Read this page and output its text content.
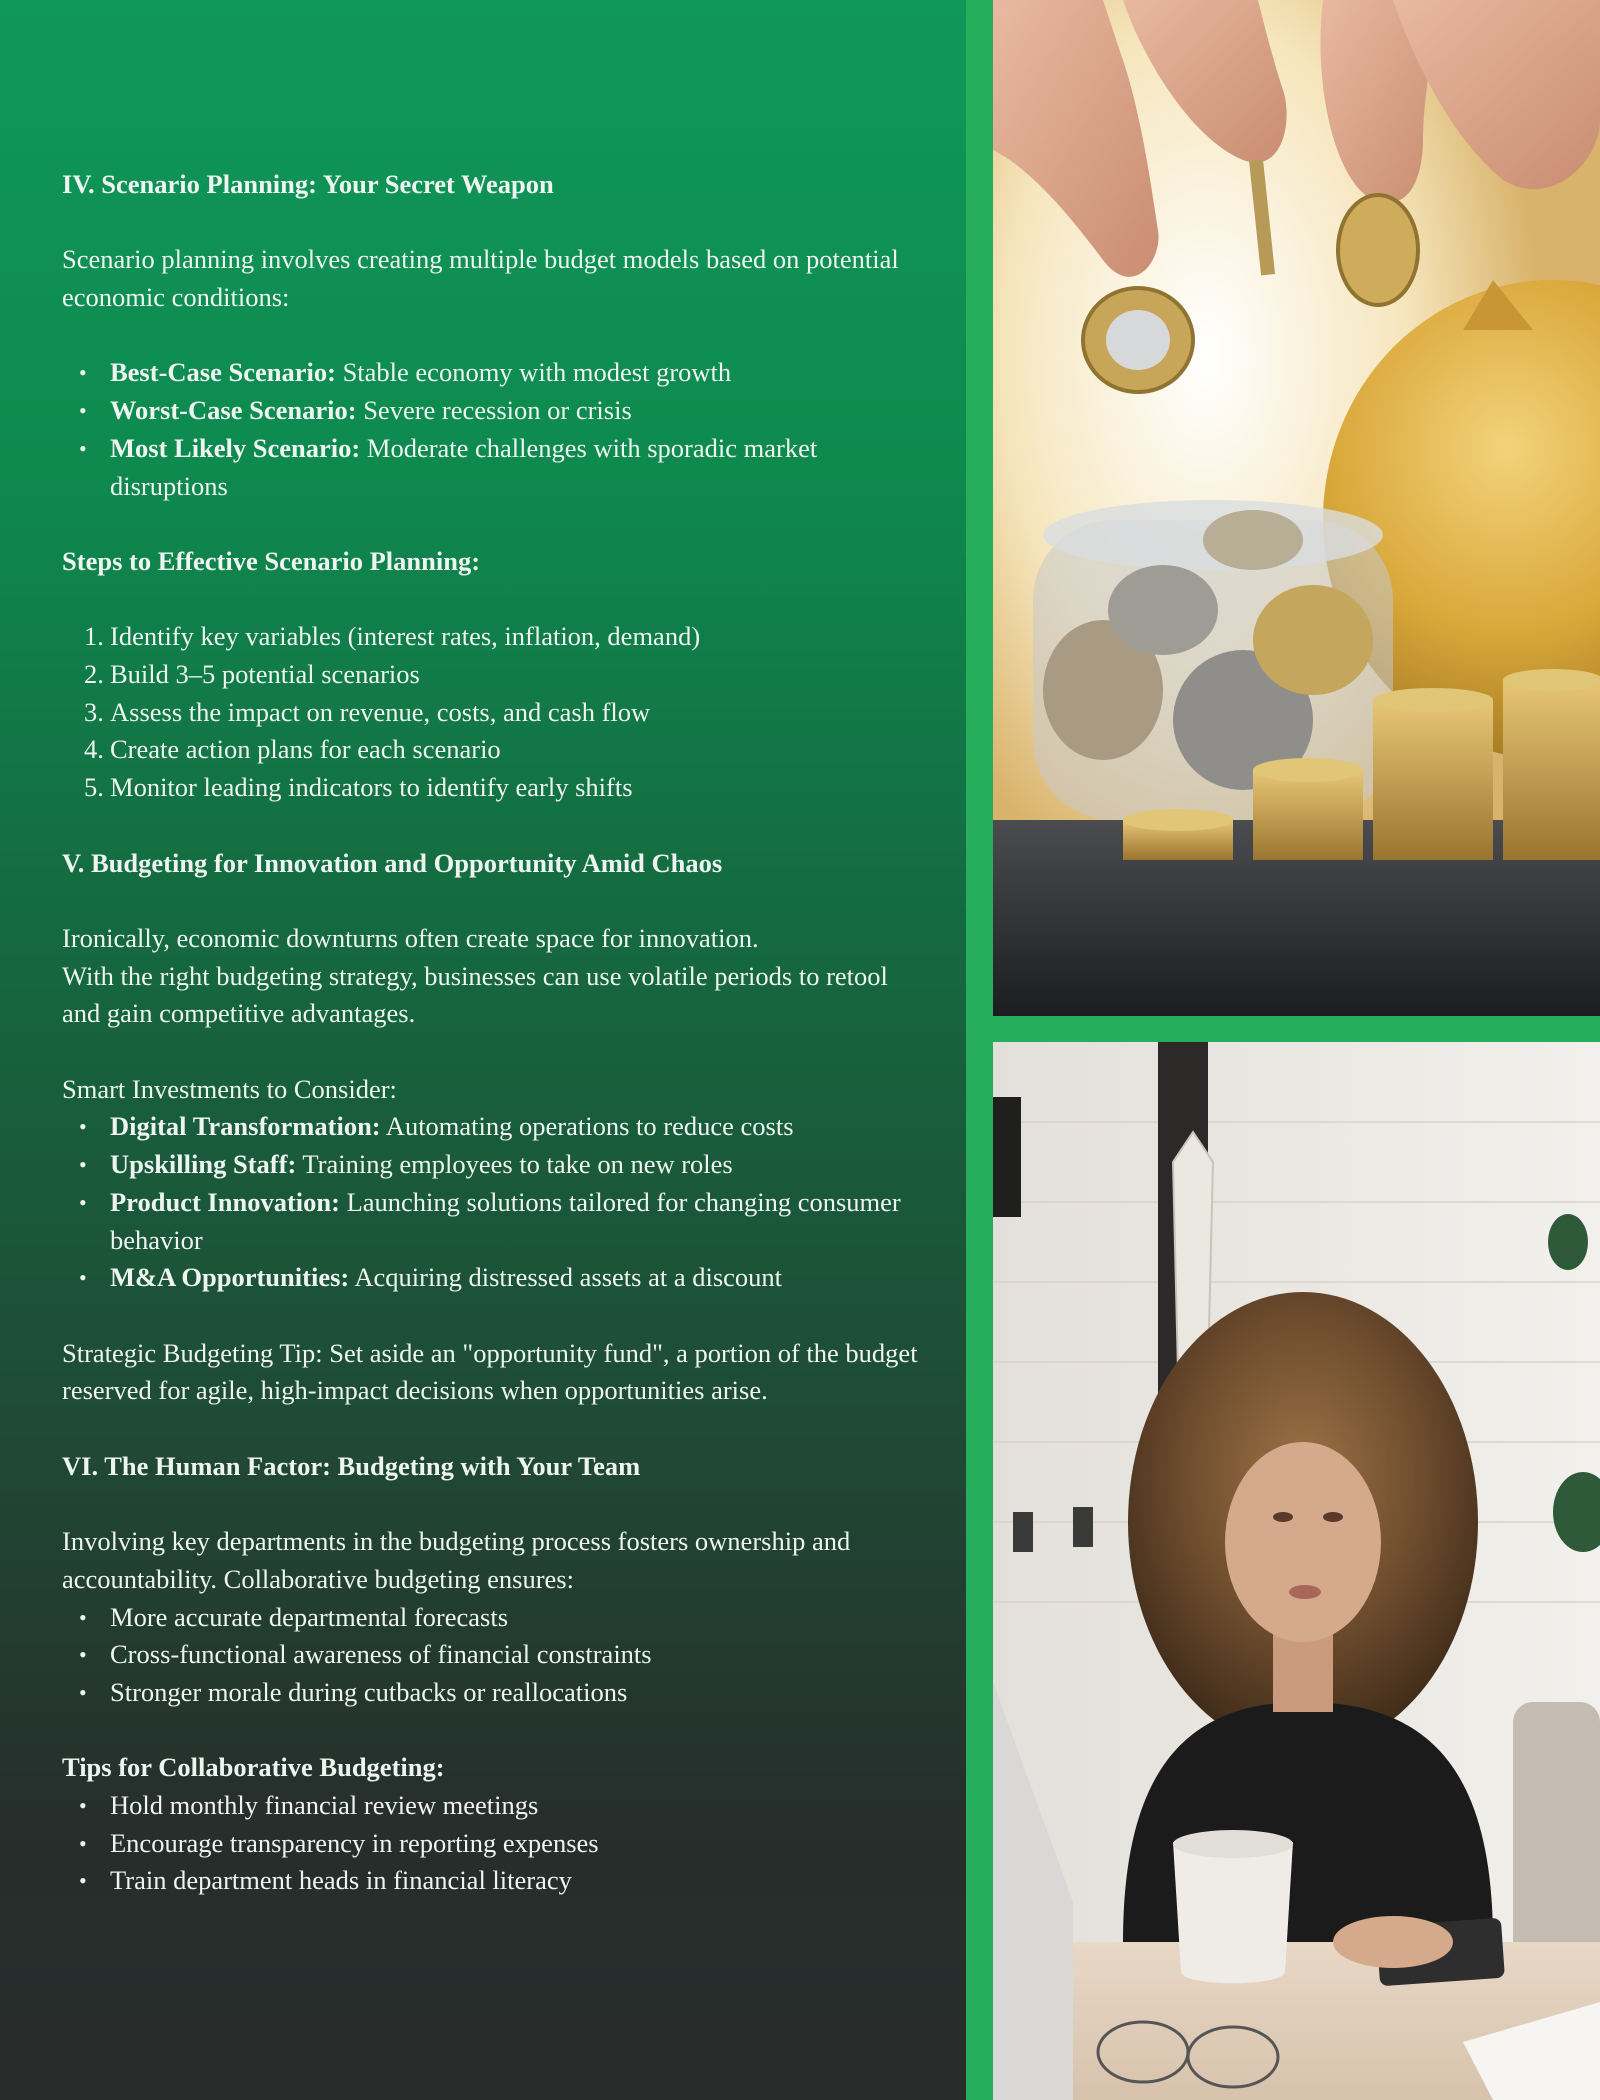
IV. Scenario Planning: Your Secret Weapon

Scenario planning involves creating multiple budget models based on potential economic conditions:

• Best-Case Scenario: Stable economy with modest growth
• Worst-Case Scenario: Severe recession or crisis
• Most Likely Scenario: Moderate challenges with sporadic market disruptions

Steps to Effective Scenario Planning:

1. Identify key variables (interest rates, inflation, demand)
2. Build 3–5 potential scenarios
3. Assess the impact on revenue, costs, and cash flow
4. Create action plans for each scenario
5. Monitor leading indicators to identify early shifts

V. Budgeting for Innovation and Opportunity Amid Chaos

Ironically, economic downturns often create space for innovation.

With the right budgeting strategy, businesses can use volatile periods to retool and gain competitive advantages.

Smart Investments to Consider:

• Digital Transformation: Automating operations to reduce costs
• Upskilling Staff: Training employees to take on new roles
• Product Innovation: Launching solutions tailored for changing consumer behavior
• M&A Opportunities: Acquiring distressed assets at a discount

Strategic Budgeting Tip: Set aside an "opportunity fund", a portion of the budget reserved for agile, high-impact decisions when opportunities arise.

VI. The Human Factor: Budgeting with Your Team

Involving key departments in the budgeting process fosters ownership and accountability. Collaborative budgeting ensures:

• More accurate departmental forecasts
• Cross-functional awareness of financial constraints
• Stronger morale during cutbacks or reallocations

Tips for Collaborative Budgeting:

• Hold monthly financial review meetings
• Encourage transparency in reporting expenses
• Train department heads in financial literacy
